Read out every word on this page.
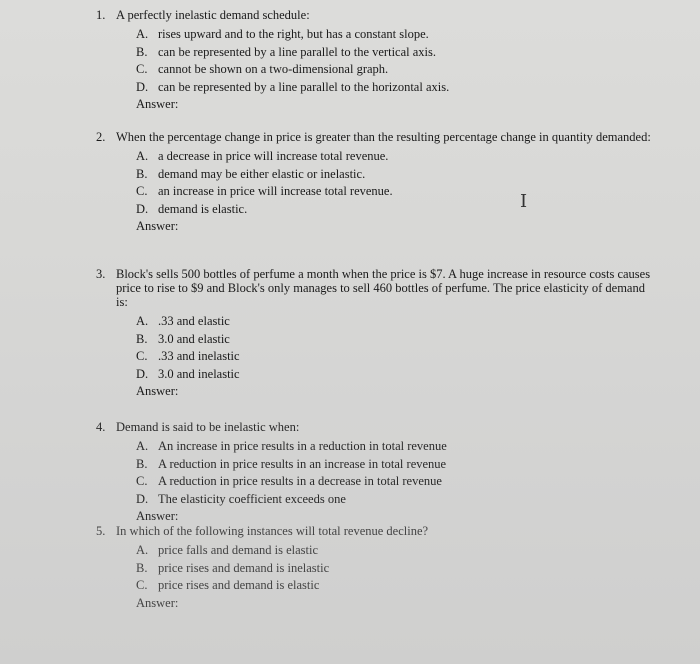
1. A perfectly inelastic demand schedule:
A. rises upward and to the right, but has a constant slope.
B. can be represented by a line parallel to the vertical axis.
C. cannot be shown on a two-dimensional graph.
D. can be represented by a line parallel to the horizontal axis.
Answer:
2. When the percentage change in price is greater than the resulting percentage change in quantity demanded:
A. a decrease in price will increase total revenue.
B. demand may be either elastic or inelastic.
C. an increase in price will increase total revenue.
D. demand is elastic.
Answer:
3. Block's sells 500 bottles of perfume a month when the price is $7. A huge increase in resource costs causes price to rise to $9 and Block's only manages to sell 460 bottles of perfume. The price elasticity of demand is:
A. .33 and elastic
B. 3.0 and elastic
C. .33 and inelastic
D. 3.0 and inelastic
Answer:
4. Demand is said to be inelastic when:
A. An increase in price results in a reduction in total revenue
B. A reduction in price results in an increase in total revenue
C. A reduction in price results in a decrease in total revenue
D. The elasticity coefficient exceeds one
Answer:
5. In which of the following instances will total revenue decline?
A. price falls and demand is elastic
B. price rises and demand is inelastic
C. price rises and demand is elastic
Answer:
I
